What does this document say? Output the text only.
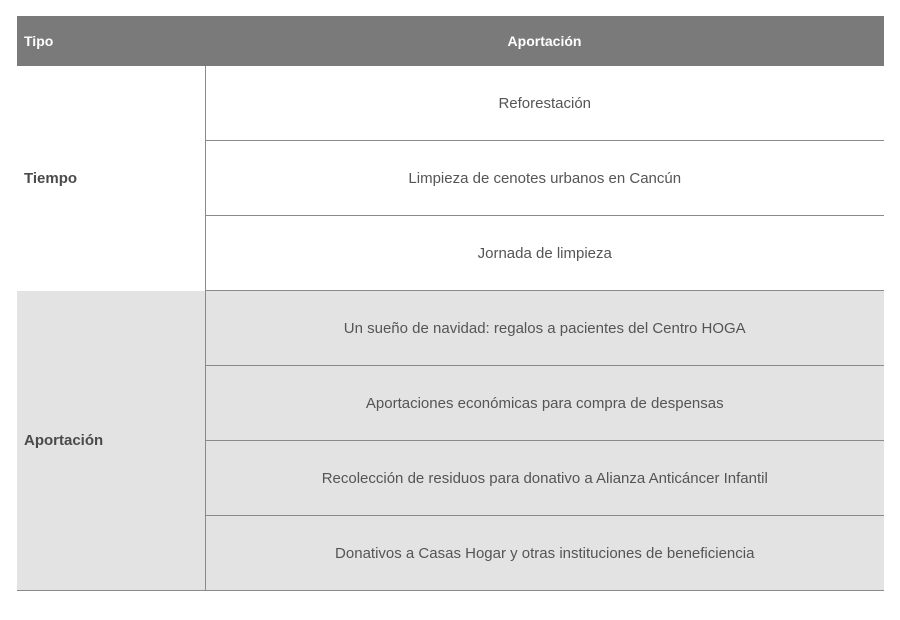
Tipo	Aportación
Tiempo	Reforestación
	Limpieza de cenotes urbanos en Cancún
	Jornada de limpieza
Aportación	Un sueño de navidad: regalos a pacientes del Centro HOGA
	Aportaciones económicas para compra de despensas
	Recolección de residuos para donativo a Alianza Anticáncer Infantil
	Donativos a Casas Hogar y otras instituciones de beneficiencia
